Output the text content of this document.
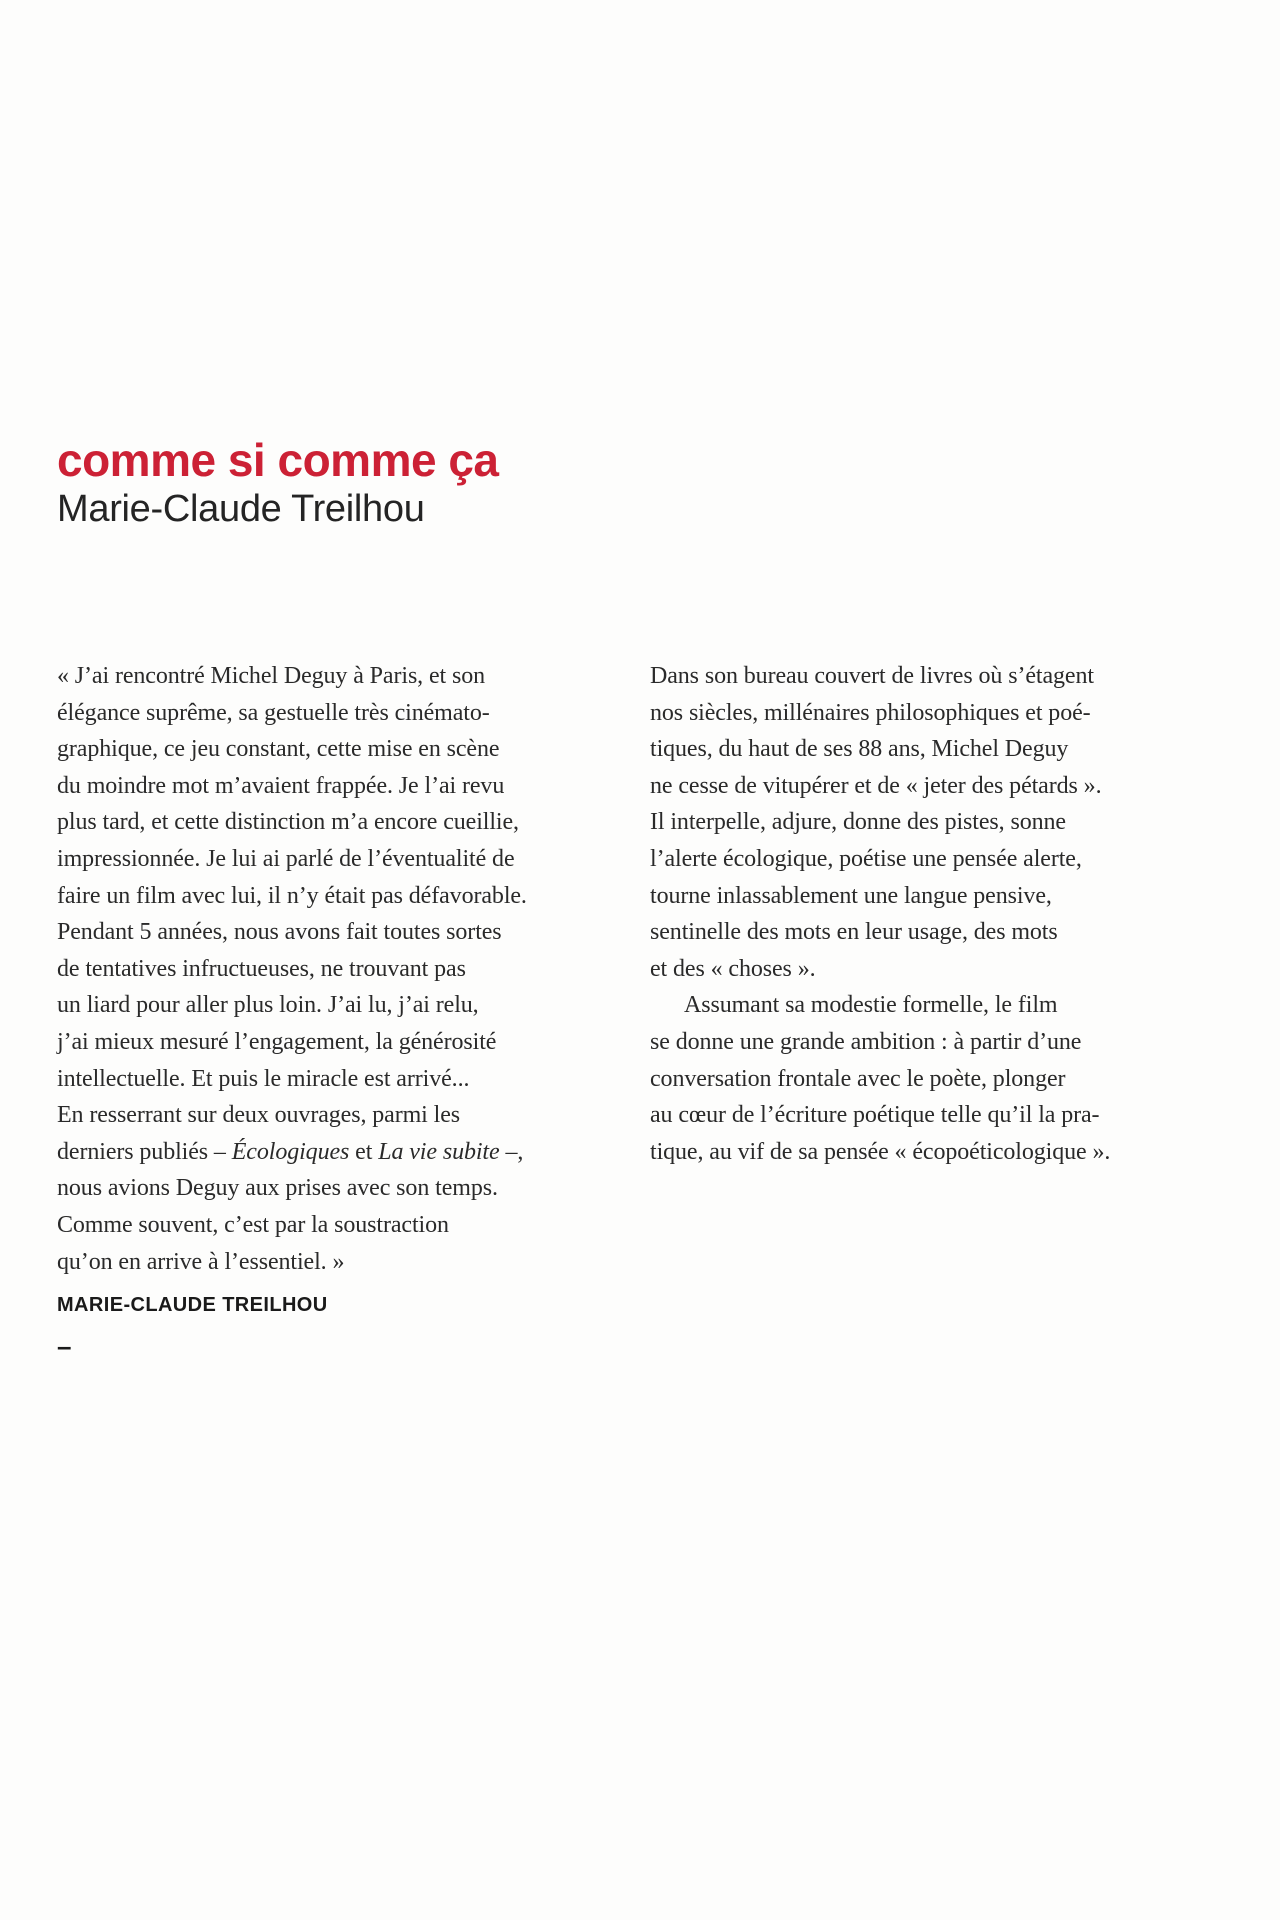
comme si comme ça
Marie-Claude Treilhou
« J’ai rencontré Michel Deguy à Paris, et son
élégance suprême, sa gestuelle très cinémato-
graphique, ce jeu constant, cette mise en scène
du moindre mot m’avaient frappée. Je l’ai revu
plus tard, et cette distinction m’a encore cueillie,
impressionnée. Je lui ai parlé de l’éventualité de
faire un film avec lui, il n’y était pas défavorable.
Pendant 5 années, nous avons fait toutes sortes
de tentatives infructueuses, ne trouvant pas
un liard pour aller plus loin. J’ai lu, j’ai relu,
j’ai mieux mesuré l’engagement, la générosité
intellectuelle. Et puis le miracle est arrivé...
En resserrant sur deux ouvrages, parmi les
derniers publiés – Écologiques et La vie subite –,
nous avions Deguy aux prises avec son temps.
Comme souvent, c’est par la soustraction
qu’on en arrive à l’essentiel. »
MARIE-CLAUDE TREILHOU
–
Dans son bureau couvert de livres où s’étagent
nos siècles, millénaires philosophiques et poé-
tiques, du haut de ses 88 ans, Michel Deguy
ne cesse de vitupérer et de « jeter des pétards ».
Il interpelle, adjure, donne des pistes, sonne
l’alerte écologique, poétise une pensée alerte,
tourne inlassablement une langue pensive,
sentinelle des mots en leur usage, des mots
et des « choses ».
Assumant sa modestie formelle, le film
se donne une grande ambition : à partir d’une
conversation frontale avec le poète, plonger
au cœur de l’écriture poétique telle qu’il la pra-
tique, au vif de sa pensée « écopoéticologique ».
